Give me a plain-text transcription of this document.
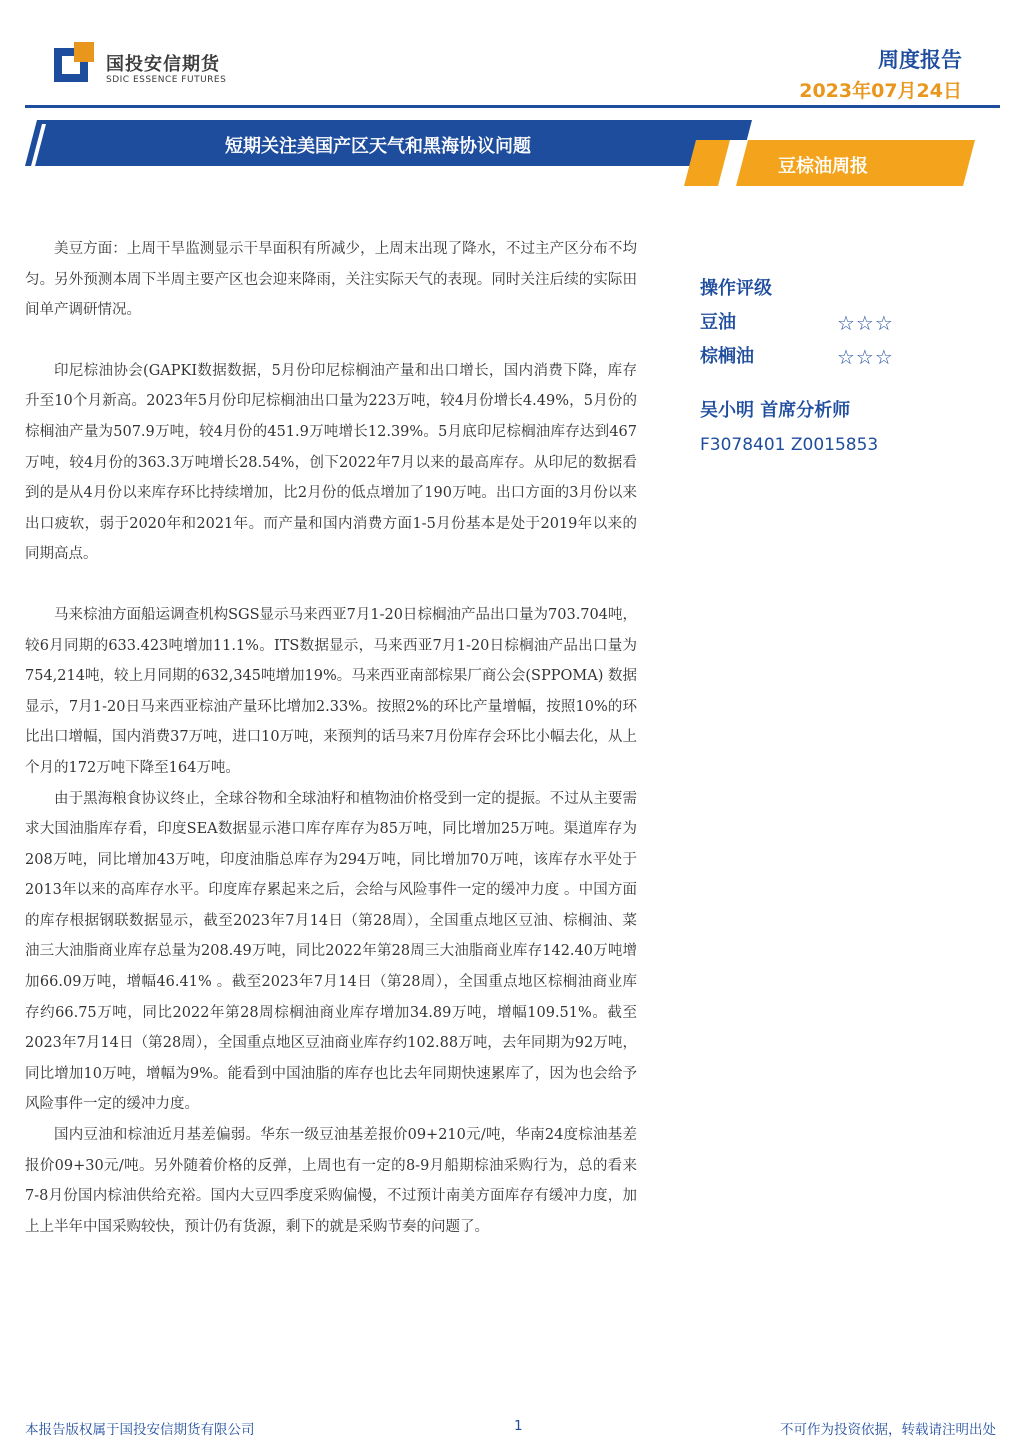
国投安信期货
SDIC ESSENCE FUTURES
周度报告
2023年07月24日
短期关注美国产区天气和黑海协议问题
豆棕油周报

美豆方面：上周干旱监测显示干旱面积有所减少，上周末出现了降水，不过主产区分布不均匀。另外预测本周下半周主要产区也会迎来降雨，关注实际天气的表现。同时关注后续的实际田间单产调研情况。

印尼棕油协会(GAPKI数据数据，5月份印尼棕榈油产量和出口增长，国内消费下降，库存升至10个月新高。2023年5月份印尼棕榈油出口量为223万吨，较4月份增长4.49%，5月份的棕榈油产量为507.9万吨，较4月份的451.9万吨增长12.39%。5月底印尼棕榈油库存达到467万吨，较4月份的363.3万吨增长28.54%，创下2022年7月以来的最高库存。从印尼的数据看到的是从4月份以来库存环比持续增加，比2月份的低点增加了190万吨。出口方面的3月份以来出口疲软，弱于2020年和2021年。而产量和国内消费方面1-5月份基本是处于2019年以来的同期高点。

马来棕油方面船运调查机构SGS显示马来西亚7月1-20日棕榈油产品出口量为703.704吨，较6月同期的633.423吨增加11.1%。ITS数据显示，马来西亚7月1-20日棕榈油产品出口量为754,214吨，较上月同期的632,345吨增加19%。马来西亚南部棕果厂商公会(SPPOMA) 数据显示，7月1-20日马来西亚棕油产量环比增加2.33%。按照2%的环比产量增幅，按照10%的环比出口增幅，国内消费37万吨，进口10万吨，来预判的话马来7月份库存会环比小幅去化，从上个月的172万吨下降至164万吨。

由于黑海粮食协议终止，全球谷物和全球油籽和植物油价格受到一定的提振。不过从主要需求大国油脂库存看，印度SEA数据显示港口库存库存为85万吨，同比增加25万吨。渠道库存为208万吨，同比增加43万吨，印度油脂总库存为294万吨，同比增加70万吨，该库存水平处于2013年以来的高库存水平。印度库存累起来之后，会给与风险事件一定的缓冲力度 。中国方面的库存根据钢联数据显示，截至2023年7月14日（第28周），全国重点地区豆油、棕榈油、菜油三大油脂商业库存总量为208.49万吨，同比2022年第28周三大油脂商业库存142.40万吨增加66.09万吨，增幅46.41% 。截至2023年7月14日（第28周），全国重点地区棕榈油商业库存约66.75万吨，同比2022年第28周棕榈油商业库存增加34.89万吨，增幅109.51%。截至2023年7月14日（第28周），全国重点地区豆油商业库存约102.88万吨，去年同期为92万吨，同比增加10万吨，增幅为9%。能看到中国油脂的库存也比去年同期快速累库了，因为也会给予风险事件一定的缓冲力度。

国内豆油和棕油近月基差偏弱。华东一级豆油基差报价09+210元/吨，华南24度棕油基差报价09+30元/吨。另外随着价格的反弹，上周也有一定的8-9月船期棕油采购行为，总的看来7-8月份国内棕油供给充裕。国内大豆四季度采购偏慢，不过预计南美方面库存有缓冲力度，加上上半年中国采购较快，预计仍有货源，剩下的就是采购节奏的问题了。

操作评级
豆油	☆☆☆
棕榈油	☆☆☆
吴小明 首席分析师
F3078401 Z0015853
本报告版权属于国投安信期货有限公司	1	不可作为投资依据，转载请注明出处
